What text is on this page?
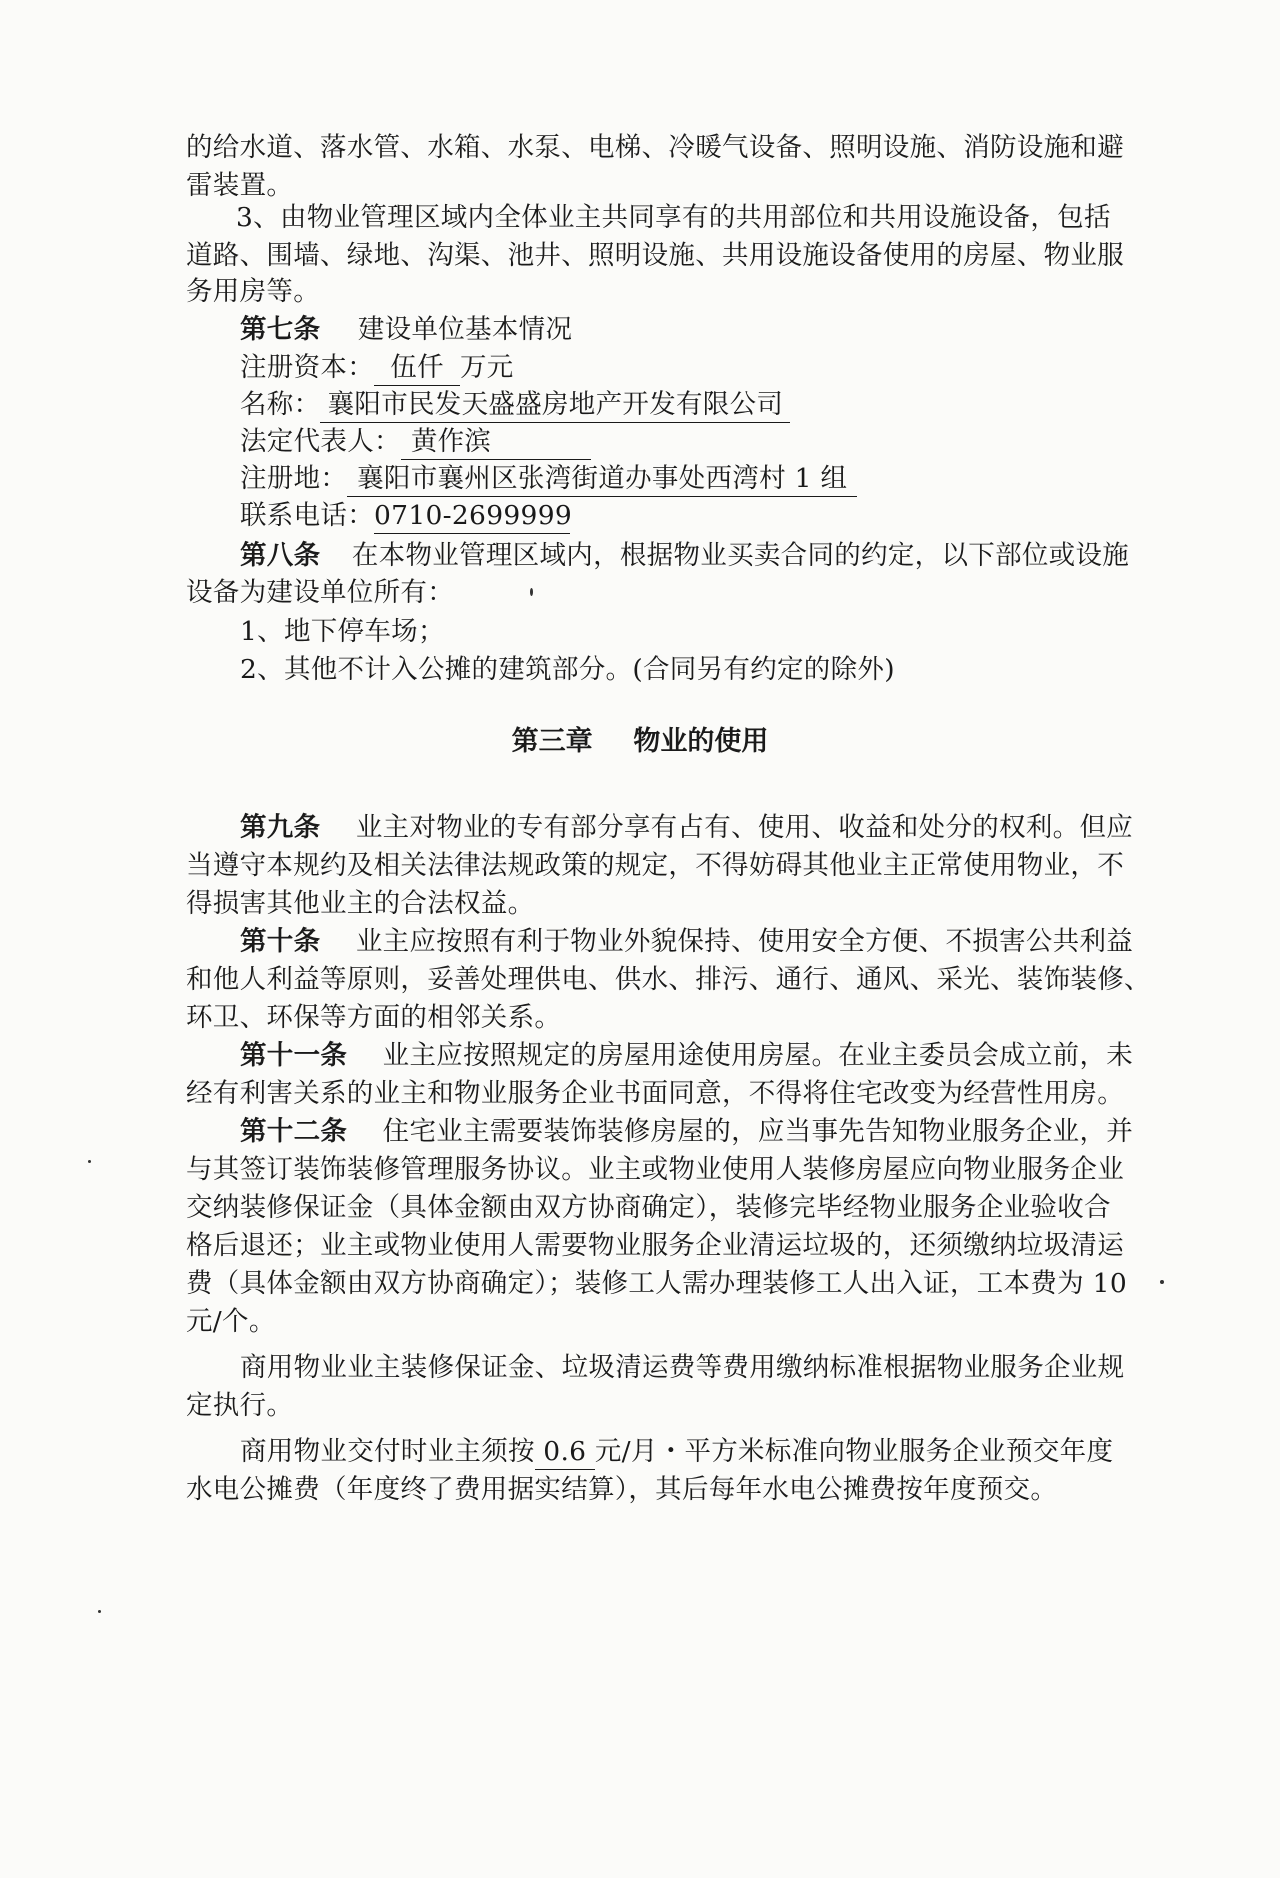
的给水道、落水管、水箱、水泵、电梯、冷暖气设备、照明设施、消防设施和避
雷装置。
3、由物业管理区域内全体业主共同享有的共用部位和共用设施设备，包括
道路、围墙、绿地、沟渠、池井、照明设施、共用设施设备使用的房屋、物业服
务用房等。
第七条 建设单位基本情况
注册资本： 伍仟 万元
名称： 襄阳市民发天盛盛房地产开发有限公司
法定代表人： 黄作滨
注册地： 襄阳市襄州区张湾街道办事处西湾村 1 组
联系电话：0710-2699999
第八条 在本物业管理区域内，根据物业买卖合同的约定，以下部位或设施
设备为建设单位所有：
1、地下停车场；
2、其他不计入公摊的建筑部分。(合同另有约定的除外)
第三章 物业的使用
第九条 业主对物业的专有部分享有占有、使用、收益和处分的权利。但应
当遵守本规约及相关法律法规政策的规定，不得妨碍其他业主正常使用物业，不
得损害其他业主的合法权益。
第十条 业主应按照有利于物业外貌保持、使用安全方便、不损害公共利益
和他人利益等原则，妥善处理供电、供水、排污、通行、通风、采光、装饰装修、
环卫、环保等方面的相邻关系。
第十一条 业主应按照规定的房屋用途使用房屋。在业主委员会成立前，未
经有利害关系的业主和物业服务企业书面同意，不得将住宅改变为经营性用房。
第十二条 住宅业主需要装饰装修房屋的，应当事先告知物业服务企业，并
与其签订装饰装修管理服务协议。业主或物业使用人装修房屋应向物业服务企业
交纳装修保证金（具体金额由双方协商确定），装修完毕经物业服务企业验收合
格后退还；业主或物业使用人需要物业服务企业清运垃圾的，还须缴纳垃圾清运
费（具体金额由双方协商确定）；装修工人需办理装修工人出入证，工本费为 10
元/个。
商用物业业主装修保证金、垃圾清运费等费用缴纳标准根据物业服务企业规
定执行。
商用物业交付时业主须按 0.6 元/月・平方米标准向物业服务企业预交年度
水电公摊费（年度终了费用据实结算），其后每年水电公摊费按年度预交。
